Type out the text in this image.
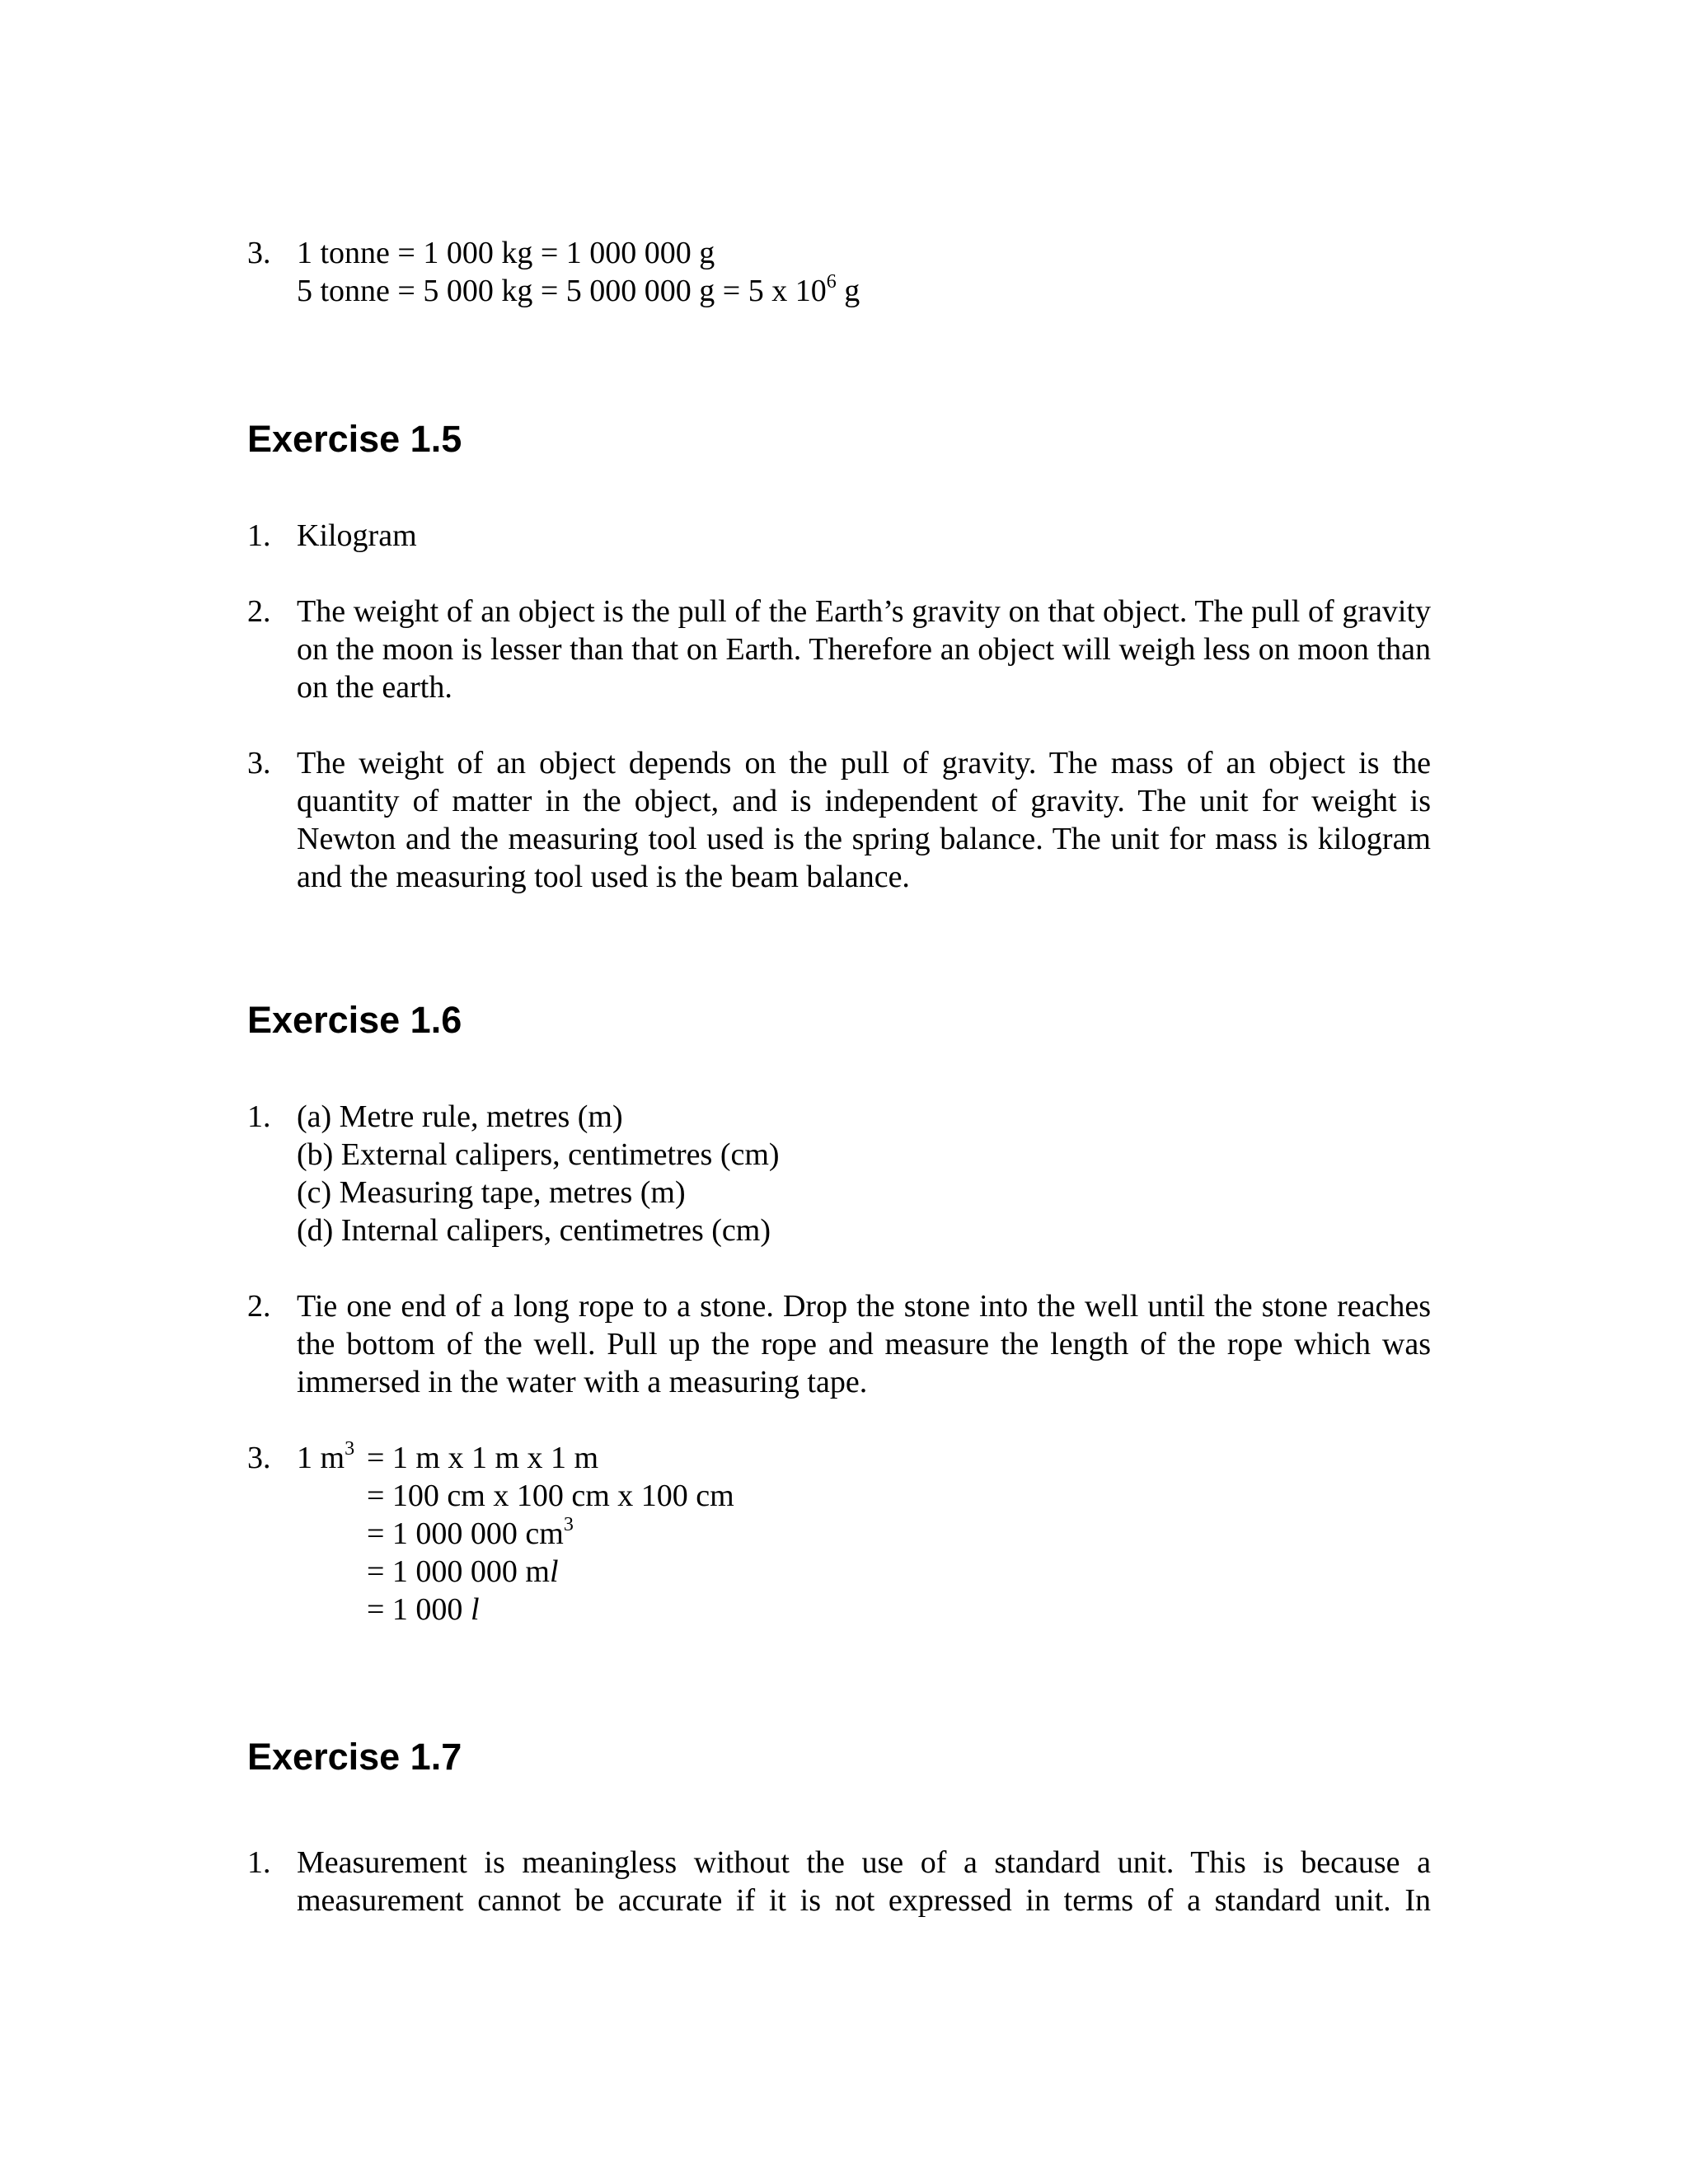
3. 1 tonne = 1 000 kg = 1 000 000 g
5 tonne = 5 000 kg = 5 000 000 g = 5 x $10^6$ g
Exercise 1.5
1. Kilogram
2. The weight of an object is the pull of the Earth’s gravity on that object. The pull of gravity on the moon is lesser than that on Earth. Therefore an object will weigh less on moon than on the earth.
3. The weight of an object depends on the pull of gravity. The mass of an object is the quantity of matter in the object, and is independent of gravity. The unit for weight is Newton and the measuring tool used is the spring balance. The unit for mass is kilogram and the measuring tool used is the beam balance.
Exercise 1.6
1. (a) Metre rule, metres (m)
(b) External calipers, centimetres (cm)
(c) Measuring tape, metres (m)
(d) Internal calipers, centimetres (cm)
2. Tie one end of a long rope to a stone. Drop the stone into the well until the stone reaches the bottom of the well. Pull up the rope and measure the length of the rope which was immersed in the water with a measuring tape.
3. 1 $m^3 = 1$ m x 1 m x 1 m
= 100 cm x 100 cm x 100 cm
= 1 000 000 $cm^3$
= 1 000 000 ml
= 1 000 l
Exercise 1.7
1. Measurement is meaningless without the use of a standard unit. This is because a measurement cannot be accurate if it is not expressed in terms of a standard unit. In
